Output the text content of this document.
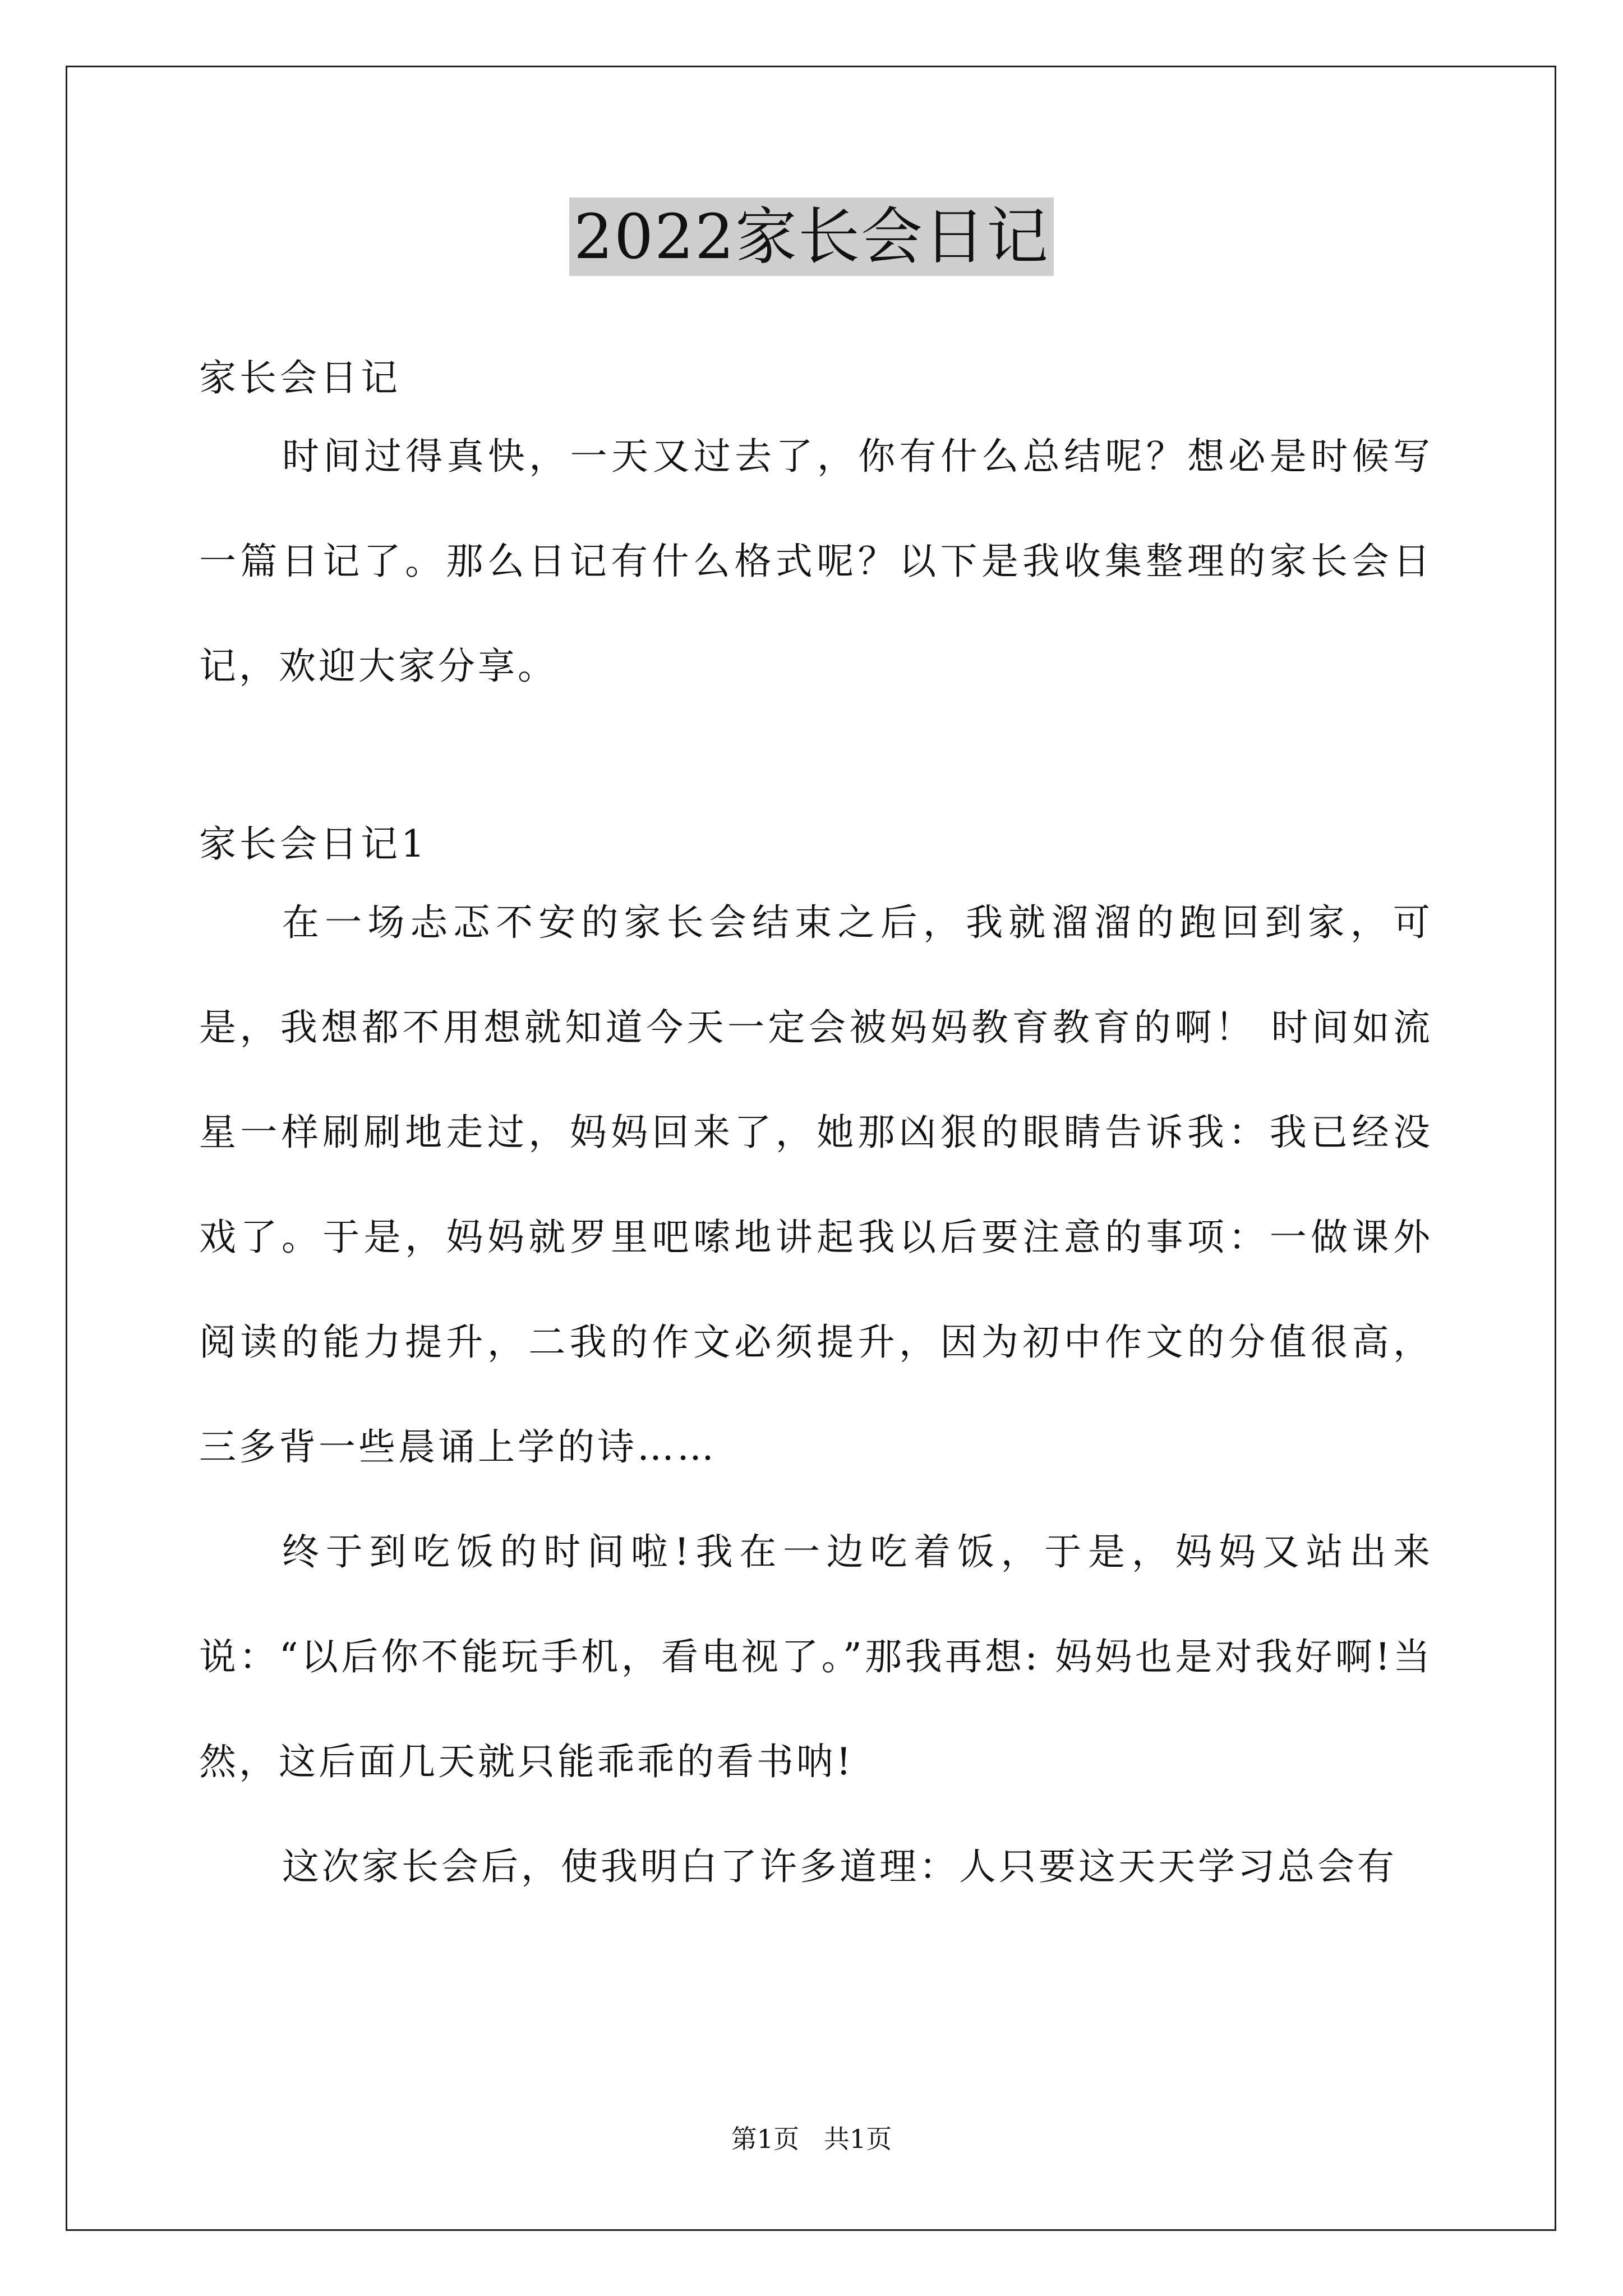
2022家长会日记

家长会日记

时间过得真快，一天又过去了，你有什么总结呢？想必是时候写一篇日记了。那么日记有什么格式呢？以下是我收集整理的家长会日记，欢迎大家分享。

家长会日记1

在一场忐忑不安的家长会结束之后，我就溜溜的跑回到家，可是，我想都不用想就知道今天一定会被妈妈教育教育的啊！ 时间如流星一样刷刷地走过，妈妈回来了，她那凶狠的眼睛告诉我：我已经没戏了。于是，妈妈就罗里吧嗦地讲起我以后要注意的事项：一做课外阅读的能力提升，二我的作文必须提升，因为初中作文的分值很高，三多背一些晨诵上学的诗……

终于到吃饭的时间啦!我在一边吃着饭，于是，妈妈又站出来说：“以后你不能玩手机，看电视了。”那我再想: 妈妈也是对我好啊!当然，这后面几天就只能乖乖的看书呐!

这次家长会后，使我明白了许多道理：人只要这天天学习总会有

第1页   共1页
